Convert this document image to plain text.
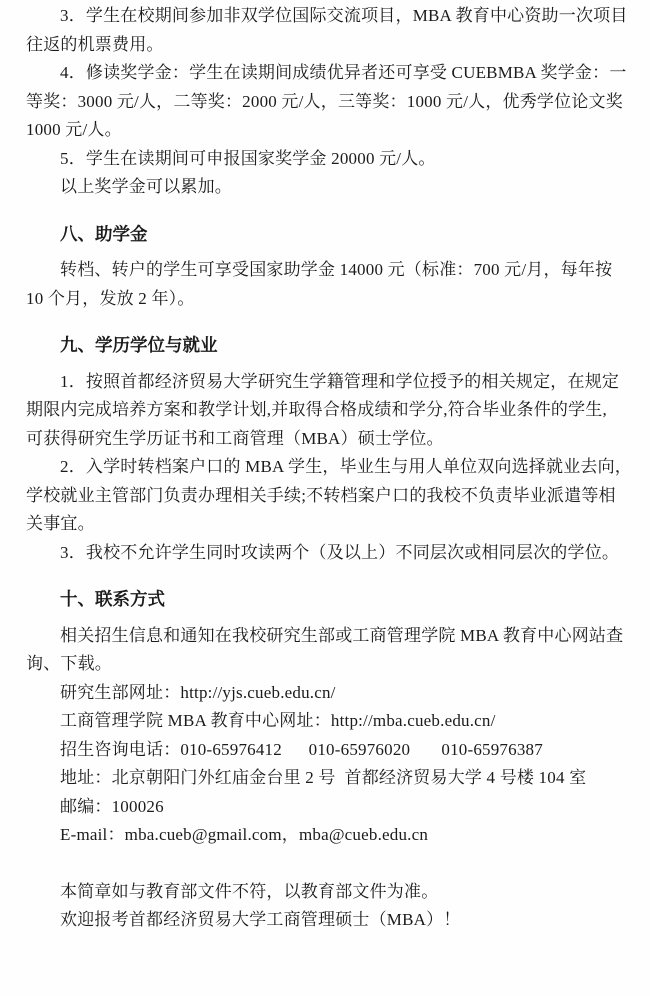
3．学生在校期间参加非双学位国际交流项目，MBA 教育中心资助一次项目
往返的机票费用。
4．修读奖学金：学生在读期间成绩优异者还可享受 CUEBMBA 奖学金：一
等奖：3000 元/人，二等奖：2000 元/人，三等奖：1000 元/人，优秀学位论文奖
1000 元/人。
5．学生在读期间可申报国家奖学金 20000 元/人。
以上奖学金可以累加。
八、助学金
转档、转户的学生可享受国家助学金 14000 元（标准：700 元/月，每年按
10 个月，发放 2 年）。
九、学历学位与就业
1．按照首都经济贸易大学研究生学籍管理和学位授予的相关规定，在规定
期限内完成培养方案和教学计划,并取得合格成绩和学分,符合毕业条件的学生,
可获得研究生学历证书和工商管理（MBA）硕士学位。
2．入学时转档案户口的 MBA 学生，毕业生与用人单位双向选择就业去向，
学校就业主管部门负责办理相关手续;不转档案户口的我校不负责毕业派遣等相
关事宜。
3．我校不允许学生同时攻读两个（及以上）不同层次或相同层次的学位。
十、联系方式
相关招生信息和通知在我校研究生部或工商管理学院 MBA 教育中心网站查
询、下载。
研究生部网址：http://yjs.cueb.edu.cn/
工商管理学院 MBA 教育中心网址：http://mba.cueb.edu.cn/
招生咨询电话：010-65976412      010-65976020       010-65976387
地址：北京朝阳门外红庙金台里 2 号  首都经济贸易大学 4 号楼 104 室
邮编：100026
E-mail：mba.cueb@gmail.com，mba@cueb.edu.cn
本简章如与教育部文件不符，以教育部文件为准。
欢迎报考首都经济贸易大学工商管理硕士（MBA）！
